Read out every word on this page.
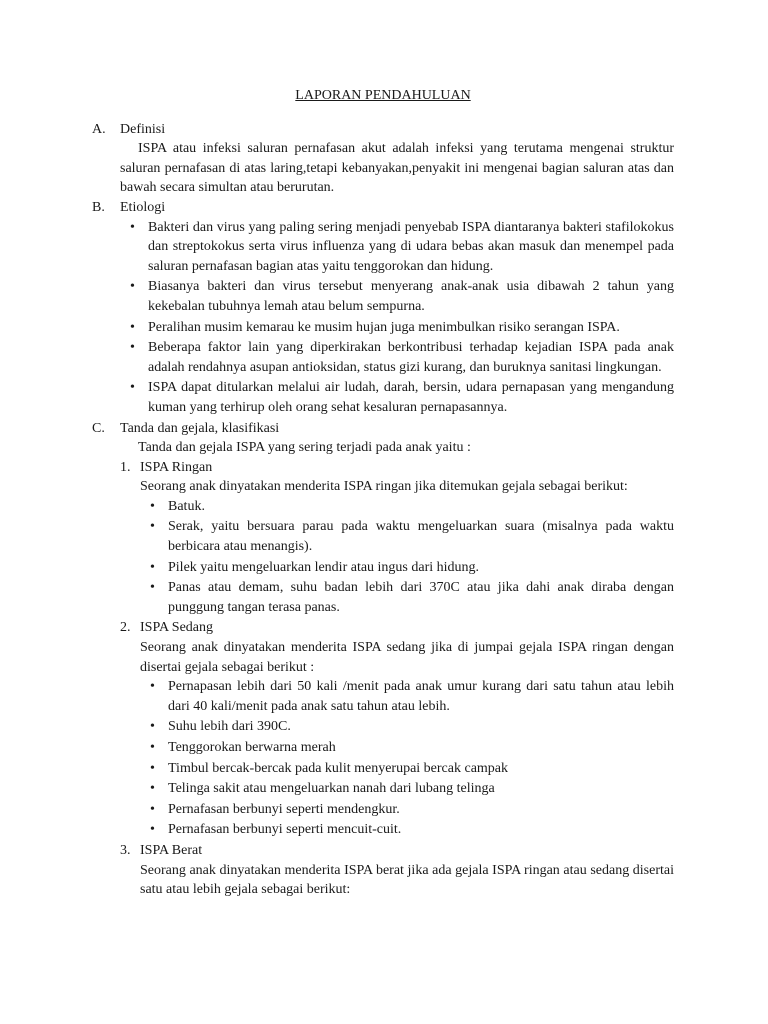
LAPORAN PENDAHULUAN
A.	Definisi

ISPA atau infeksi saluran pernafasan akut adalah infeksi yang terutama mengenai struktur saluran pernafasan di atas laring,tetapi kebanyakan,penyakit ini mengenai bagian saluran atas dan bawah secara simultan atau berurutan.

B.	Etiologi
• Bakteri dan virus yang paling sering menjadi penyebab ISPA diantaranya bakteri stafilokokus dan streptokokus serta virus influenza yang di udara bebas akan masuk dan menempel pada saluran pernafasan bagian atas yaitu tenggorokan dan hidung.
• Biasanya bakteri dan virus tersebut menyerang anak-anak usia dibawah 2 tahun yang kekebalan tubuhnya lemah atau belum sempurna.
• Peralihan musim kemarau ke musim hujan juga menimbulkan risiko serangan ISPA.
• Beberapa faktor lain yang diperkirakan berkontribusi terhadap kejadian ISPA pada anak adalah rendahnya asupan antioksidan, status gizi kurang, dan buruknya sanitasi lingkungan.
• ISPA dapat ditularkan melalui air ludah, darah, bersin, udara pernapasan yang mengandung kuman yang terhirup oleh orang sehat kesaluran pernapasannya.
C.	Tanda dan gejala, klasifikasi

Tanda dan gejala ISPA yang sering terjadi pada anak yaitu :

1. ISPA Ringan

Seorang anak dinyatakan menderita ISPA ringan jika ditemukan gejala sebagai berikut:

• Batuk.
• Serak, yaitu bersuara parau pada waktu mengeluarkan suara (misalnya pada waktu berbicara atau menangis).
• Pilek yaitu mengeluarkan lendir atau ingus dari hidung.
• Panas atau demam, suhu badan lebih dari 370C atau jika dahi anak diraba dengan punggung tangan terasa panas.
2. ISPA Sedang

Seorang anak dinyatakan menderita ISPA sedang jika di jumpai gejala ISPA ringan dengan disertai gejala sebagai berikut :

• Pernapasan lebih dari 50 kali /menit pada anak umur kurang dari satu tahun atau lebih dari 40 kali/menit pada anak satu tahun atau lebih.
• Suhu lebih dari 390C.
• Tenggorokan berwarna merah
• Timbul bercak-bercak pada kulit menyerupai bercak campak
• Telinga sakit atau mengeluarkan nanah dari lubang telinga
• Pernafasan berbunyi seperti mendengkur.
• Pernafasan berbunyi seperti mencuit-cuit.
3. ISPA Berat

Seorang anak dinyatakan menderita ISPA berat jika ada gejala ISPA ringan atau sedang disertai satu atau lebih gejala sebagai berikut:
